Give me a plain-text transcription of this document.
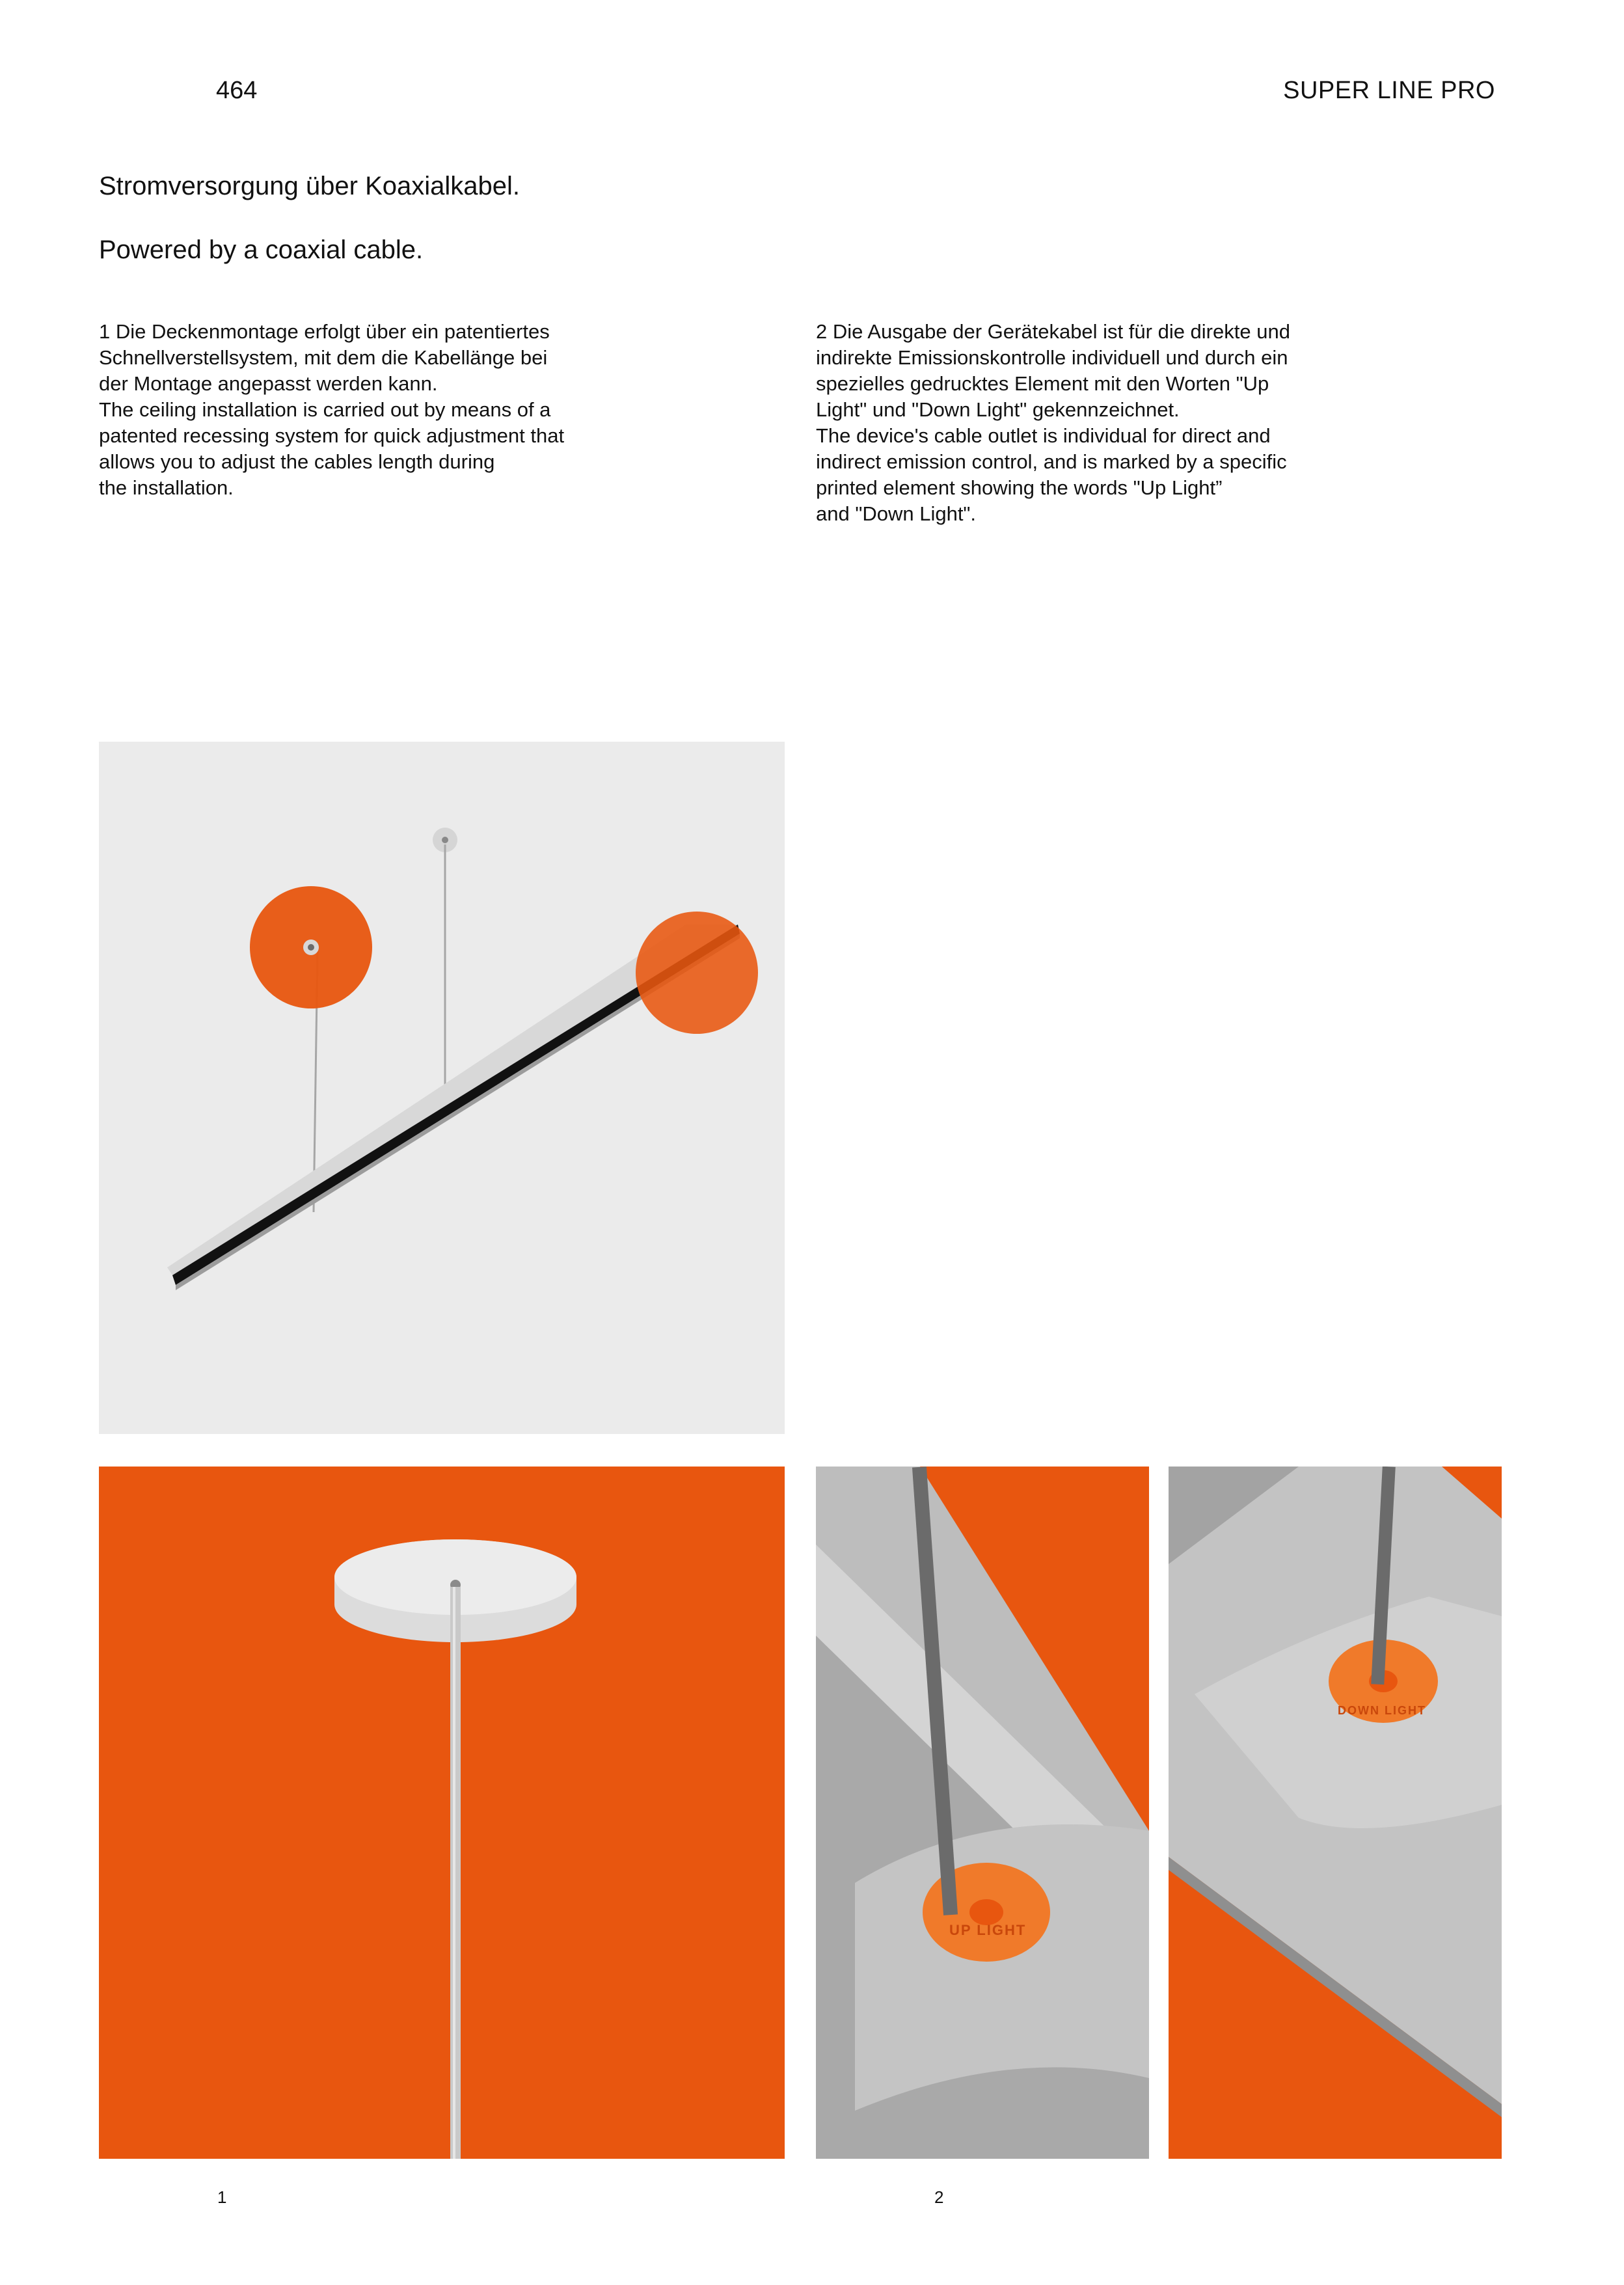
464	SUPER LINE PRO
Stromversorgung über Koaxialkabel.
Powered by a coaxial cable.
1 Die Deckenmontage erfolgt über ein patentiertes
Schnellverstellsystem, mit dem die Kabellänge bei
der Montage angepasst werden kann.
The ceiling installation is carried out by means of a
patented recessing system for quick adjustment that
allows you to adjust the cables length during
the installation.
2 Die Ausgabe der Gerätekabel ist für die direkte und
indirekte Emissionskontrolle individuell und durch ein
spezielles gedrucktes Element mit den Worten "Up
Light" und "Down Light" gekennzeichnet.
The device's cable outlet is individual for direct and
indirect emission control, and is marked by a specific
printed element showing the words "Up Light”
and "Down Light".
UP LIGHT
DOWN LIGHT
1	2
